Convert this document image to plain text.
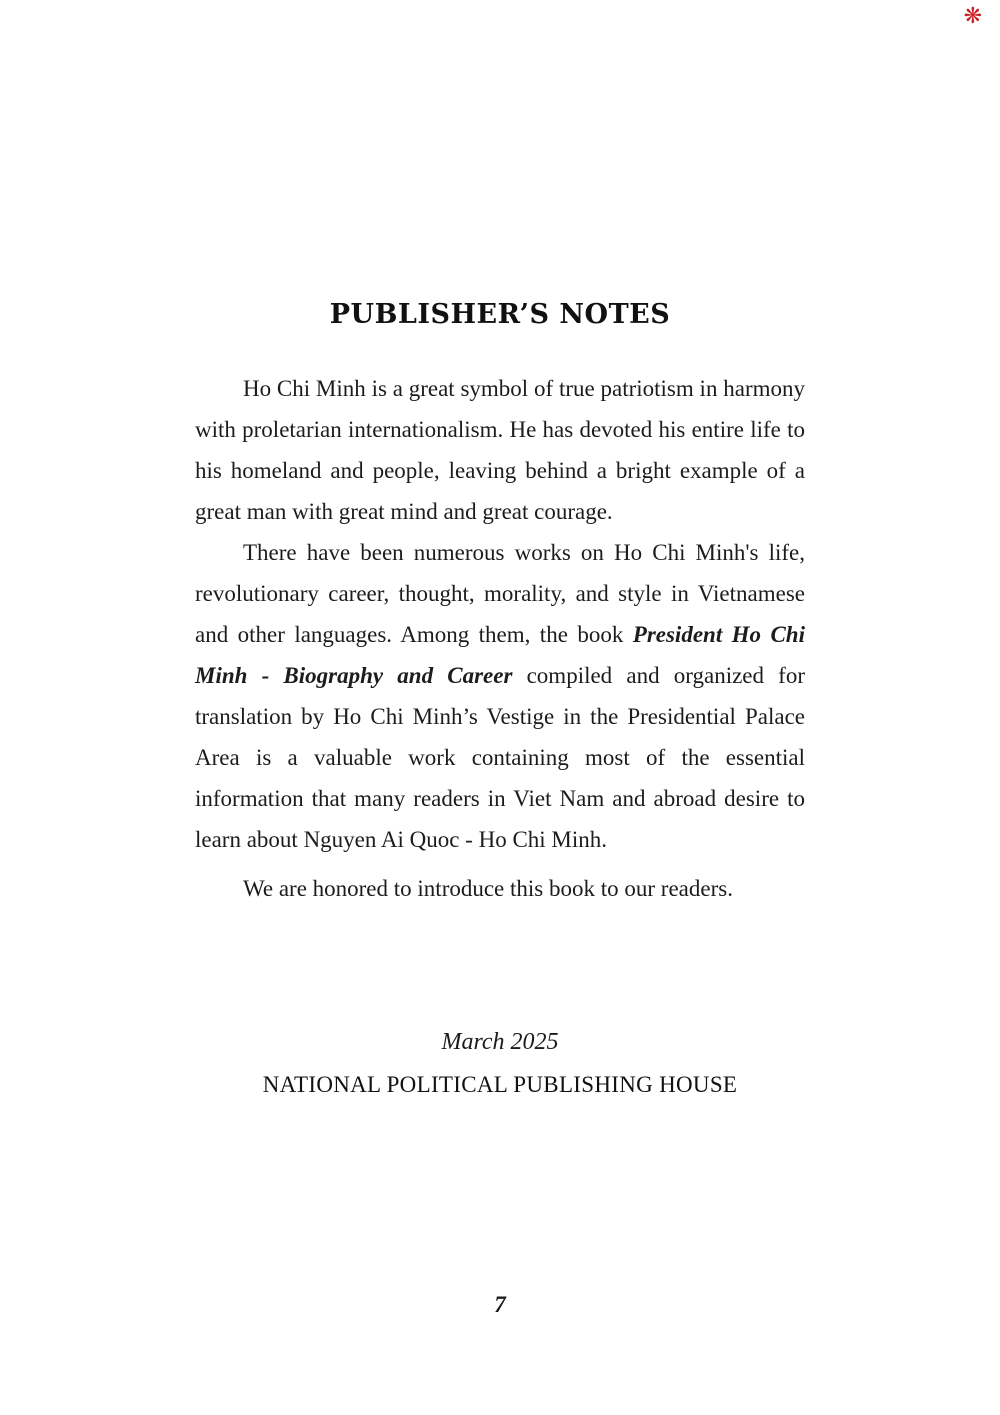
❋
PUBLISHER’S NOTES

Ho Chi Minh is a great symbol of true patriotism in harmony with proletarian internationalism. He has devoted his entire life to his homeland and people, leaving behind a bright example of a great man with great mind and great courage.

There have been numerous works on Ho Chi Minh's life, revolutionary career, thought, morality, and style in Vietnamese and other languages. Among them, the book President Ho Chi Minh - Biography and Career compiled and organized for translation by Ho Chi Minh’s Vestige in the Presidential Palace Area is a valuable work containing most of the essential information that many readers in Viet Nam and abroad desire to learn about Nguyen Ai Quoc - Ho Chi Minh.

We are honored to introduce this book to our readers.

March 2025
NATIONAL POLITICAL PUBLISHING HOUSE
7
